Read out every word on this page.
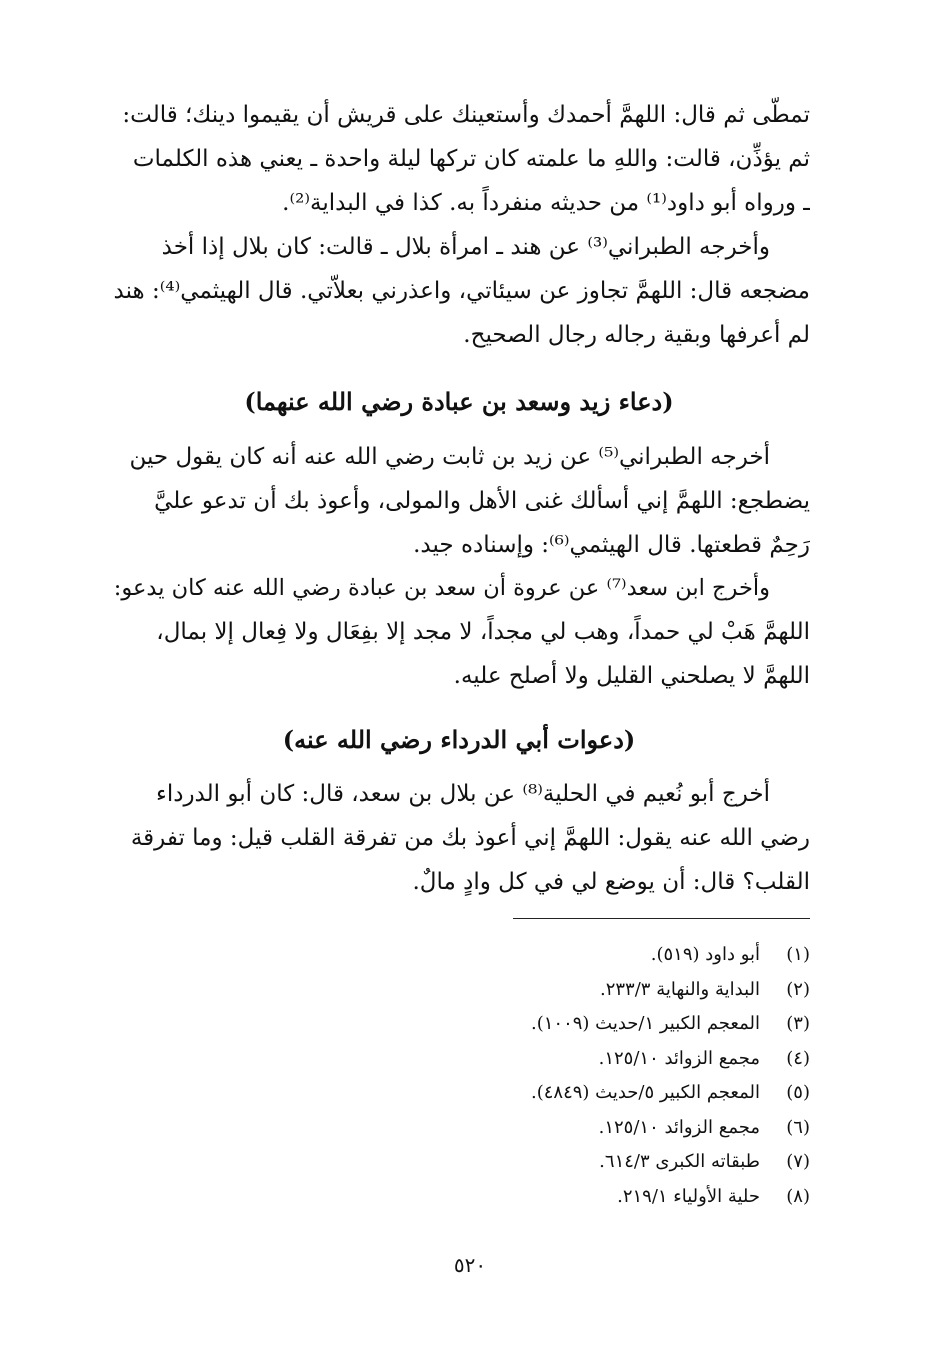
تمطّى ثم قال: اللهمَّ أحمدك وأستعينك على قريش أن يقيموا دينك؛ قالت:
ثم يؤذِّن، قالت: واللهِ ما علمته كان تركها ليلة واحدة ـ يعني هذه الكلمات
ـ ورواه أبو داود⁽¹⁾ من حديثه منفرداً به. كذا في البداية⁽²⁾.
وأخرجه الطبراني⁽³⁾ عن هند ـ امرأة بلال ـ قالت: كان بلال إذا أخذ
مضجعه قال: اللهمَّ تجاوز عن سيئاتي، واعذرني بعلاّتي. قال الهيثمي⁽⁴⁾: هند
لم أعرفها وبقية رجاله رجال الصحيح.
(دعاء زيد وسعد بن عبادة رضي الله عنهما)
أخرجه الطبراني⁽⁵⁾ عن زيد بن ثابت رضي الله عنه أنه كان يقول حين
يضطجع: اللهمَّ إني أسألك غنى الأهل والمولى، وأعوذ بك أن تدعو عليَّ
رَحِمٌ قطعتها. قال الهيثمي⁽⁶⁾: وإسناده جيد.
وأخرج ابن سعد⁽⁷⁾ عن عروة أن سعد بن عبادة رضي الله عنه كان يدعو:
اللهمَّ هَبْ لي حمداً، وهب لي مجداً، لا مجد إلا بفِعَال ولا فِعال إلا بمال،
اللهمَّ لا يصلحني القليل ولا أصلح عليه.
(دعوات أبي الدرداء رضي الله عنه)
أخرج أبو نُعيم في الحلية⁽⁸⁾ عن بلال بن سعد، قال: كان أبو الدرداء
رضي الله عنه يقول: اللهمَّ إني أعوذ بك من تفرقة القلب قيل: وما تفرقة
القلب؟ قال: أن يوضع لي في كل وادٍ مالٌ.
(١)
أبو داود (٥١٩).
(٢)
البداية والنهاية ٢٣٣/٣.
(٣)
المعجم الكبير ١/حديث (١٠٠٩).
(٤)
مجمع الزوائد ١٢٥/١٠.
(٥)
المعجم الكبير ٥/حديث (٤٨٤٩).
(٦)
مجمع الزوائد ١٢٥/١٠.
(٧)
طبقاته الكبرى ٦١٤/٣.
(٨)
حلية الأولياء ٢١٩/١.
٥٢٠
